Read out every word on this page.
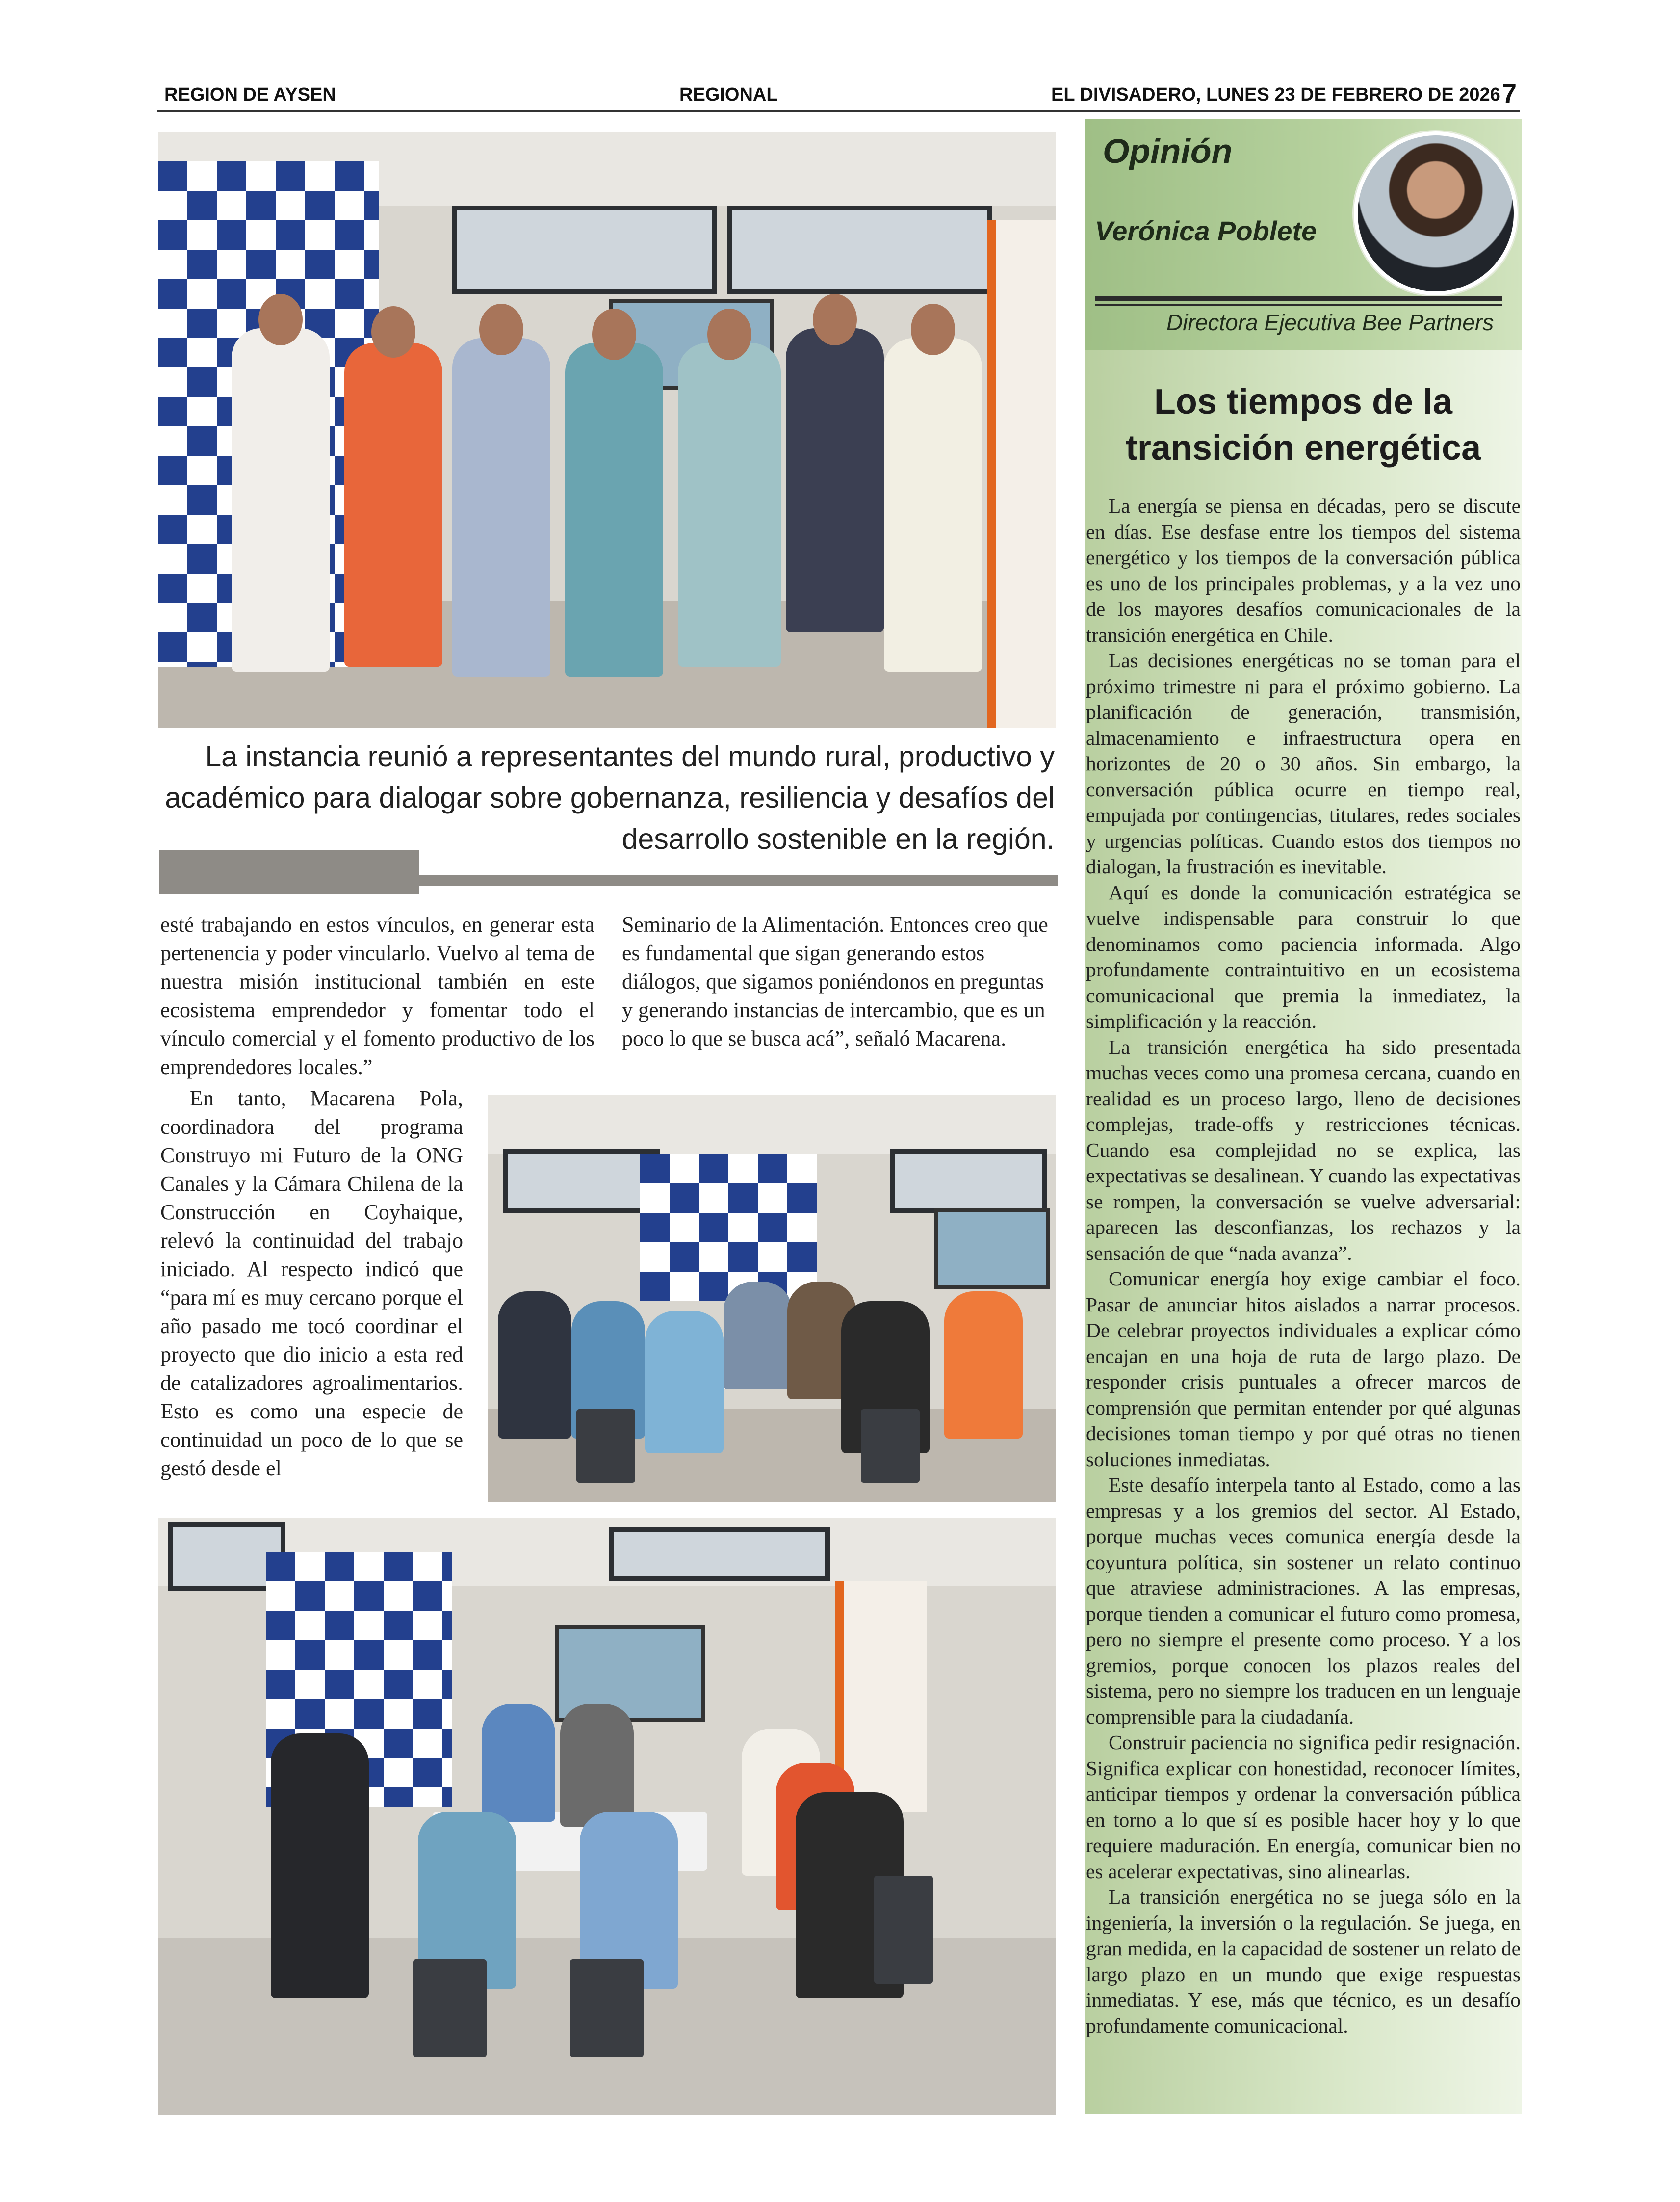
REGION DE AYSEN	REGIONAL	EL DIVISADERO, LUNES 23 DE FEBRERO DE 2026 7
La instancia reunió a representantes del mundo rural, productivo y académico para dialogar sobre gobernanza, resiliencia y desafíos del desarrollo sostenible en la región.

esté trabajando en estos vínculos, en generar esta pertenencia y poder vincularlo. Vuelvo al tema de nuestra misión institucional también en este ecosistema emprendedor y fomentar todo el vínculo comercial y el fomento productivo de los emprendedores locales.”

Seminario de la Alimentación. Entonces creo que es fundamental que sigan generando estos diálogos, que sigamos poniéndonos en preguntas y generando instancias de intercambio, que es un poco lo que se busca acá”, señaló Macarena.

En tanto, Macarena Pola, coordinadora del programa Construyo mi Futuro de la ONG Canales y la Cámara Chilena de la Construcción en Coyhaique, relevó la continuidad del trabajo iniciado. Al respecto indicó que “para mí es muy cercano porque el año pasado me tocó coordinar el proyecto que dio inicio a esta red de catalizadores agroalimentarios. Esto es como una especie de continuidad un poco de lo que se gestó desde el

Opinión
Verónica Poblete
Directora Ejecutiva Bee Partners
Los tiempos de la transición energética

La energía se piensa en décadas, pero se discute en días. Ese desfase entre los tiempos del sistema energético y los tiempos de la conversación pública es uno de los principales problemas, y a la vez uno de los mayores desafíos comunicacionales de la transición energética en Chile.

Las decisiones energéticas no se toman para el próximo trimestre ni para el próximo gobierno. La planificación de generación, transmisión, almacenamiento e infraestructura opera en horizontes de 20 o 30 años. Sin embargo, la conversación pública ocurre en tiempo real, empujada por contingencias, titulares, redes sociales y urgencias políticas. Cuando estos dos tiempos no dialogan, la frustración es inevitable.

Aquí es donde la comunicación estratégica se vuelve indispensable para construir lo que denominamos como paciencia informada. Algo profundamente contraintuitivo en un ecosistema comunicacional que premia la inmediatez, la simplificación y la reacción.

La transición energética ha sido presentada muchas veces como una promesa cercana, cuando en realidad es un proceso largo, lleno de decisiones complejas, trade-offs y restricciones técnicas. Cuando esa complejidad no se explica, las expectativas se desalinean. Y cuando las expectativas se rompen, la conversación se vuelve adversarial: aparecen las desconfianzas, los rechazos y la sensación de que “nada avanza”.

Comunicar energía hoy exige cambiar el foco. Pasar de anunciar hitos aislados a narrar procesos. De celebrar proyectos individuales a explicar cómo encajan en una hoja de ruta de largo plazo. De responder crisis puntuales a ofrecer marcos de comprensión que permitan entender por qué algunas decisiones toman tiempo y por qué otras no tienen soluciones inmediatas.

Este desafío interpela tanto al Estado, como a las empresas y a los gremios del sector. Al Estado, porque muchas veces comunica energía desde la coyuntura política, sin sostener un relato continuo que atraviese administraciones. A las empresas, porque tienden a comunicar el futuro como promesa, pero no siempre el presente como proceso. Y a los gremios, porque conocen los plazos reales del sistema, pero no siempre los traducen en un lenguaje comprensible para la ciudadanía.

Construir paciencia no significa pedir resignación. Significa explicar con honestidad, reconocer límites, anticipar tiempos y ordenar la conversación pública en torno a lo que sí es posible hacer hoy y lo que requiere maduración. En energía, comunicar bien no es acelerar expectativas, sino alinearlas.

La transición energética no se juega sólo en la ingeniería, la inversión o la regulación. Se juega, en gran medida, en la capacidad de sostener un relato de largo plazo en un mundo que exige respuestas inmediatas. Y ese, más que técnico, es un desafío profundamente comunicacional.
